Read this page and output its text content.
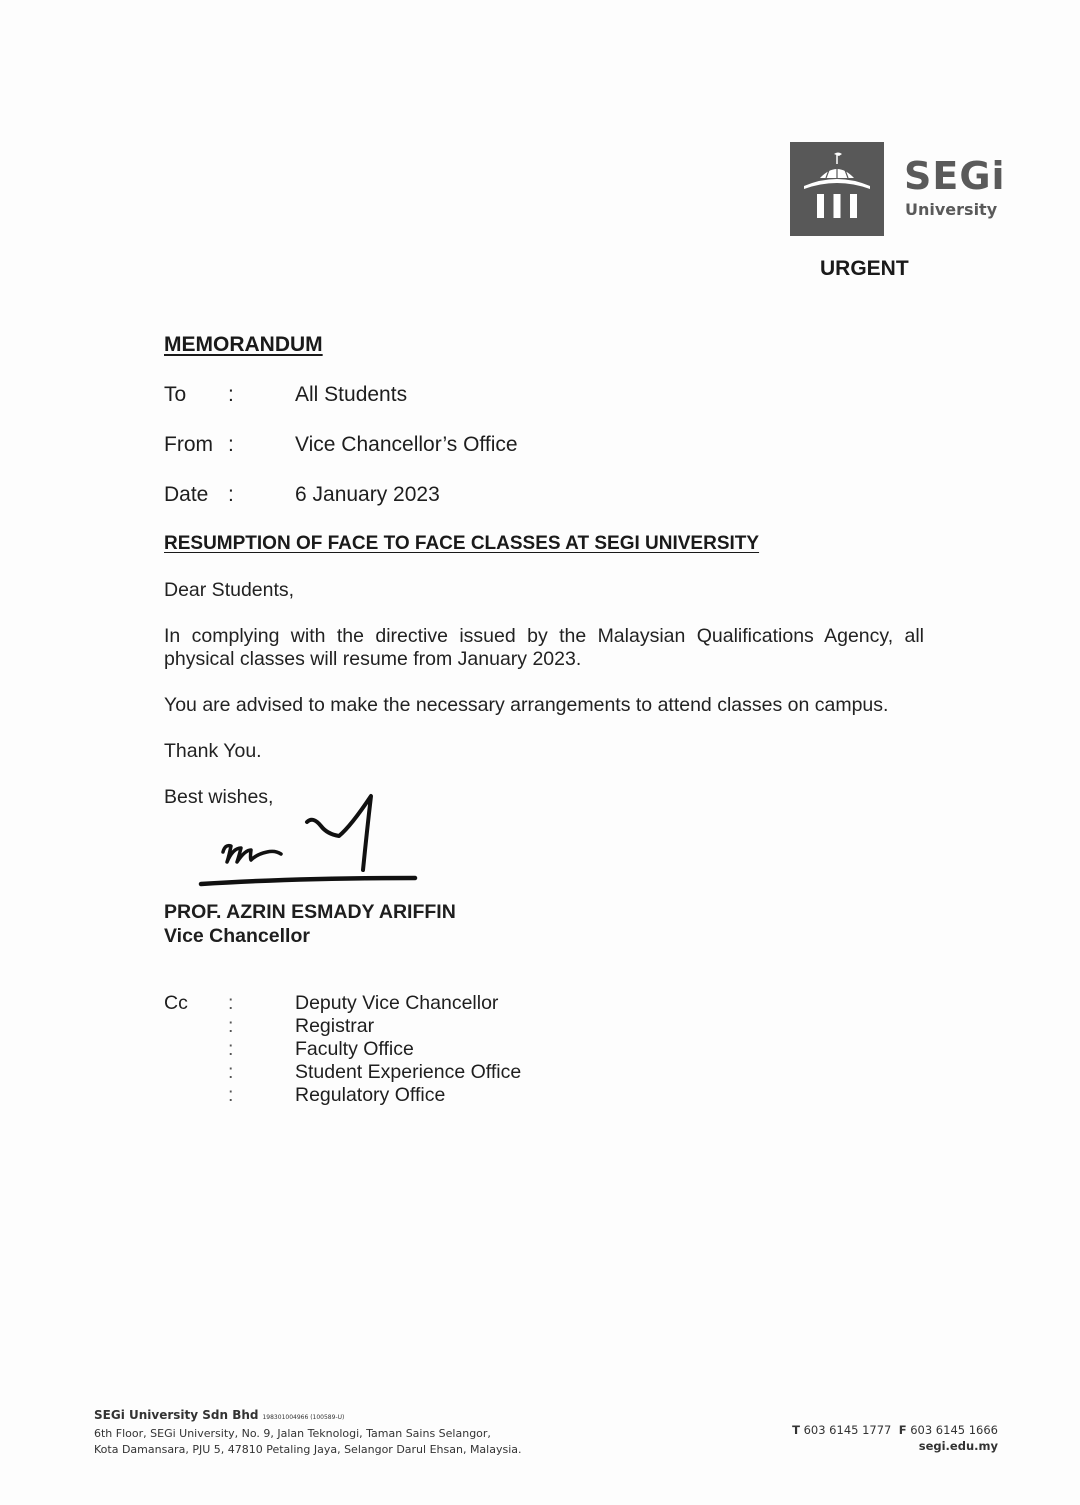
SEGi
University
URGENT
MEMORANDUM
To :	All Students
From :	Vice Chancellor’s Office
Date :	6 January 2023
RESUMPTION OF FACE TO FACE CLASSES AT SEGI UNIVERSITY
Dear Students,
In complying with the directive issued by the Malaysian Qualifications Agency, all physical classes will resume from January 2023.
You are advised to make the necessary arrangements to attend classes on campus.
Thank You.
Best wishes,
PROF. AZRIN ESMADY ARIFFIN
Vice Chancellor
Cc :	Deputy Vice Chancellor
:	Registrar
:	Faculty Office
:	Student Experience Office
:	Regulatory Office
SEGi University Sdn Bhd 198301004966 (100589-U)
6th Floor, SEGi University, No. 9, Jalan Teknologi, Taman Sains Selangor,
Kota Damansara, PJU 5, 47810 Petaling Jaya, Selangor Darul Ehsan, Malaysia.
T 603 6145 1777 F 603 6145 1666
segi.edu.my
